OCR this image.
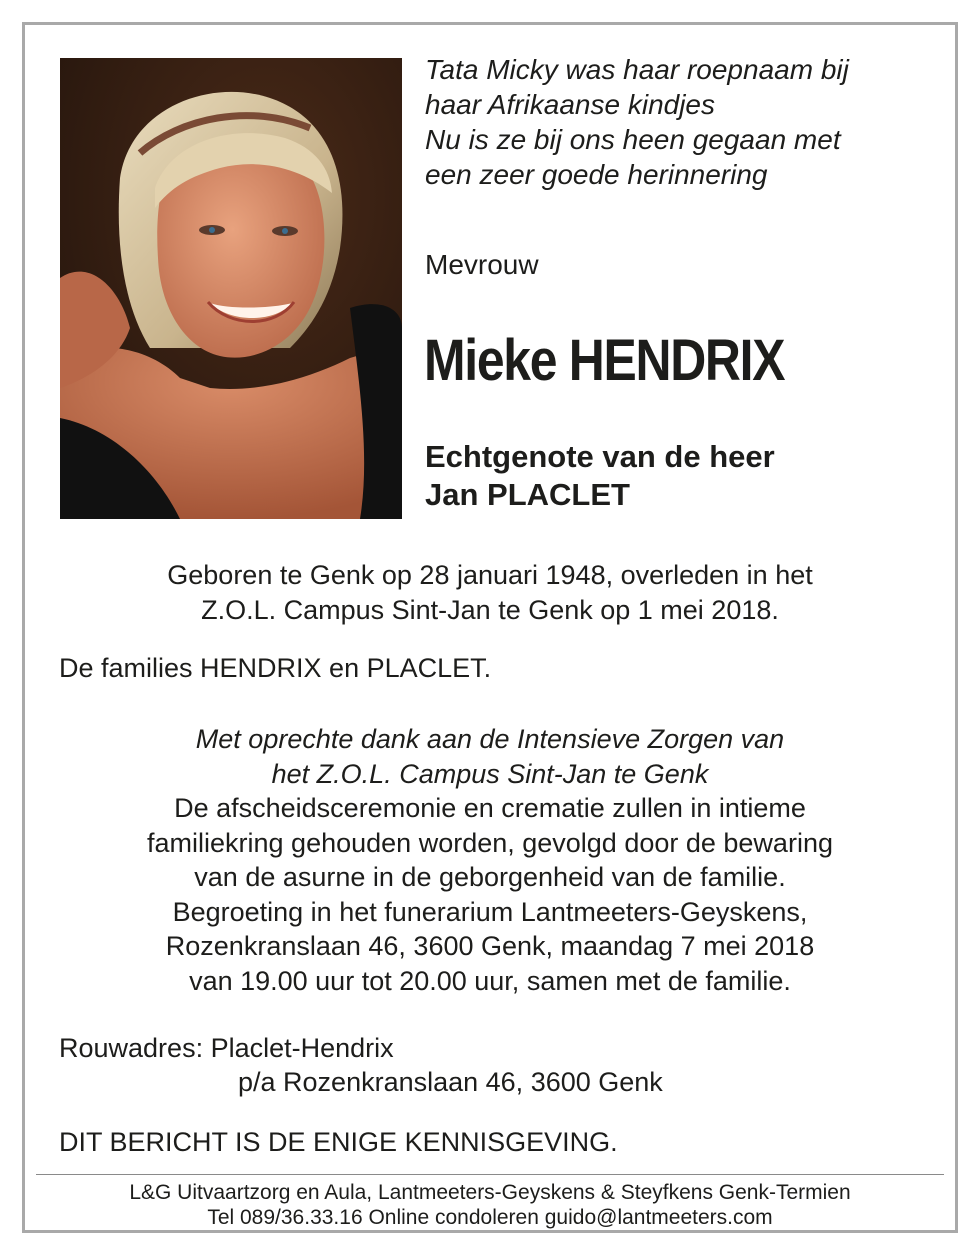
Tata Micky was haar roepnaam bij
haar Afrikaanse kindjes
Nu is ze bij ons heen gegaan met
een zeer goede herinnering

Mevrouw

Mieke HENDRIX

Echtgenote van de heer
Jan PLACLET

Geboren te Genk op 28 januari 1948, overleden in het
Z.O.L. Campus Sint-Jan te Genk op 1 mei 2018.

De families HENDRIX en PLACLET.

Met oprechte dank aan de Intensieve Zorgen van
het Z.O.L. Campus Sint-Jan te Genk
De afscheidsceremonie en crematie zullen in intieme
familiekring gehouden worden, gevolgd door de bewaring
van de asurne in de geborgenheid van de familie.
Begroeting in het funerarium Lantmeeters-Geyskens,
Rozenkranslaan 46, 3600 Genk, maandag 7 mei 2018
van 19.00 uur tot 20.00 uur, samen met de familie.

Rouwadres: Placlet-Hendrix

p/a Rozenkranslaan 46, 3600 Genk

DIT BERICHT IS DE ENIGE KENNISGEVING.

L&G Uitvaartzorg en Aula, Lantmeeters-Geyskens & Steyfkens Genk-Termien
Tel 089/36.33.16 Online condoleren guido@lantmeeters.com
